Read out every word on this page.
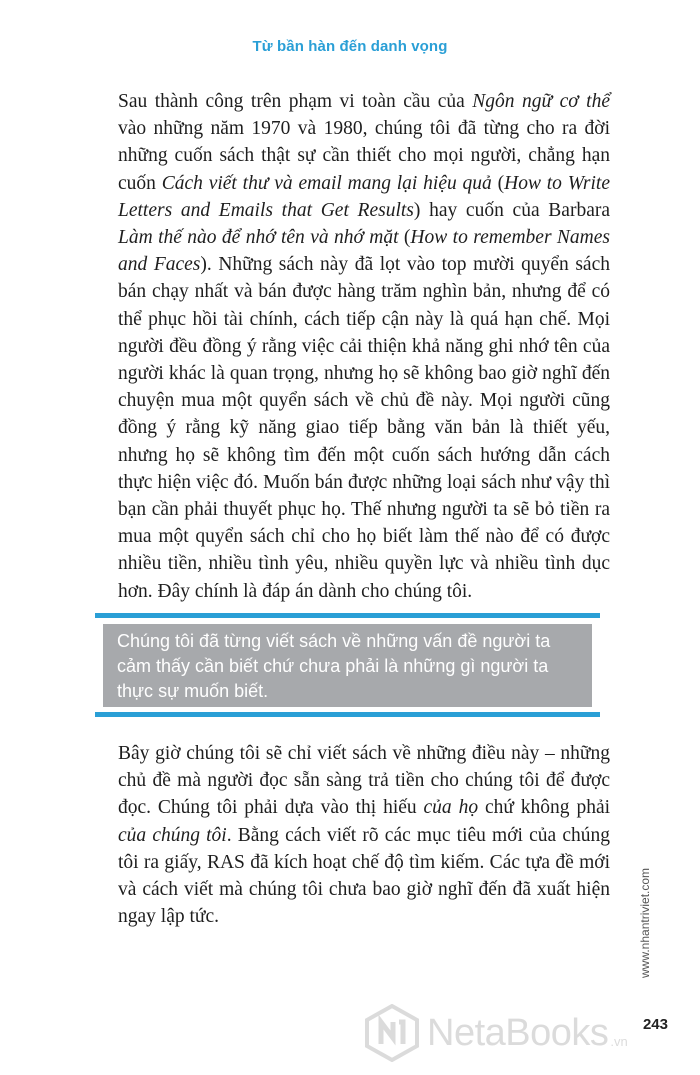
Từ bần hàn đến danh vọng

Sau thành công trên phạm vi toàn cầu của Ngôn ngữ cơ thể vào những năm 1970 và 1980, chúng tôi đã từng cho ra đời những cuốn sách thật sự cần thiết cho mọi người, chẳng hạn cuốn Cách viết thư và email mang lại hiệu quả (How to Write Letters and Emails that Get Results) hay cuốn của Barbara Làm thế nào để nhớ tên và nhớ mặt (How to remember Names and Faces). Những sách này đã lọt vào top mười quyển sách bán chạy nhất và bán được hàng trăm nghìn bản, nhưng để có thể phục hồi tài chính, cách tiếp cận này là quá hạn chế. Mọi người đều đồng ý rằng việc cải thiện khả năng ghi nhớ tên của người khác là quan trọng, nhưng họ sẽ không bao giờ nghĩ đến chuyện mua một quyển sách về chủ đề này. Mọi người cũng đồng ý rằng kỹ năng giao tiếp bằng văn bản là thiết yếu, nhưng họ sẽ không tìm đến một cuốn sách hướng dẫn cách thực hiện việc đó. Muốn bán được những loại sách như vậy thì bạn cần phải thuyết phục họ. Thế nhưng người ta sẽ bỏ tiền ra mua một quyển sách chỉ cho họ biết làm thế nào để có được nhiều tiền, nhiều tình yêu, nhiều quyền lực và nhiều tình dục hơn. Đây chính là đáp án dành cho chúng tôi.

Chúng tôi đã từng viết sách về những vấn đề người ta cảm thấy cần biết chứ chưa phải là những gì người ta thực sự muốn biết.

Bây giờ chúng tôi sẽ chỉ viết sách về những điều này – những chủ đề mà người đọc sẵn sàng trả tiền cho chúng tôi để được đọc. Chúng tôi phải dựa vào thị hiếu của họ chứ không phải của chúng tôi. Bằng cách viết rõ các mục tiêu mới của chúng tôi ra giấy, RAS đã kích hoạt chế độ tìm kiếm. Các tựa đề mới và cách viết mà chúng tôi chưa bao giờ nghĩ đến đã xuất hiện ngay lập tức.	www.nhantriviet.com
NetaBooks .vn
243
